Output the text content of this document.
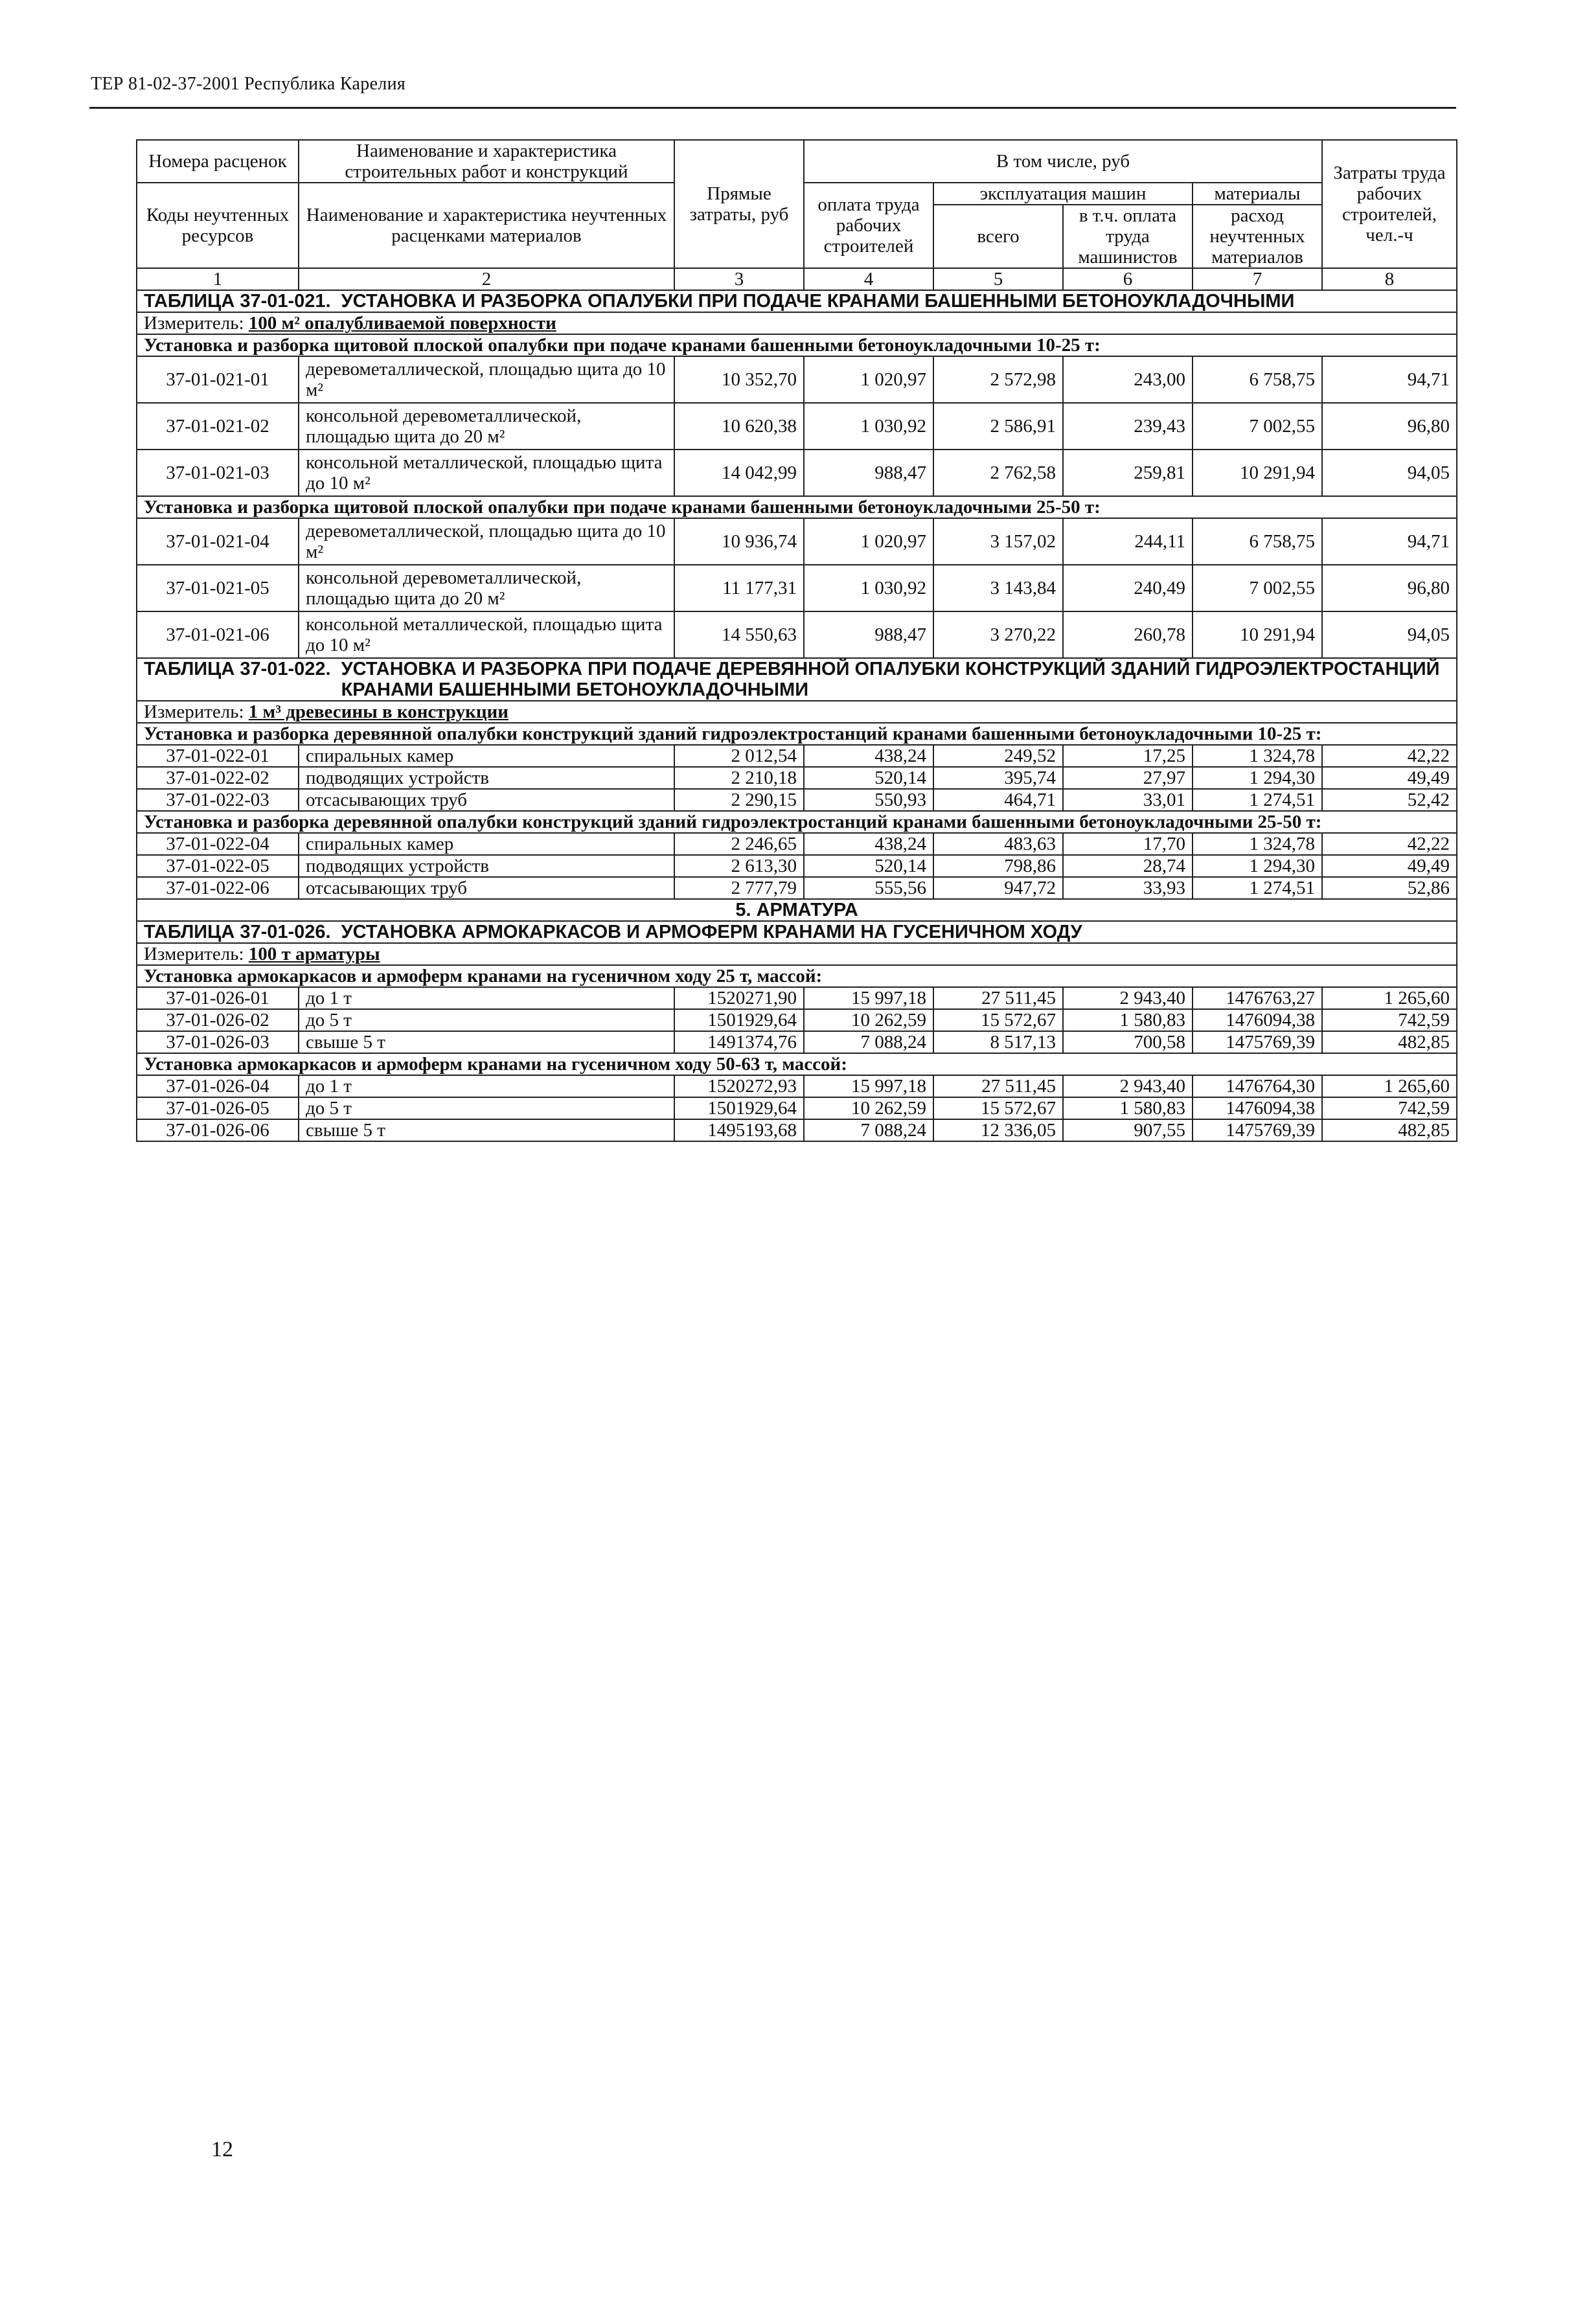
ТЕР 81-02-37-2001 Республика Карелия
Номера расценок	Наименование и характеристика строительных работ и конструкций	Прямые затраты, руб	В том числе, руб				Затраты труда рабочих строителей, чел.-ч
Коды неучтенных ресурсов	Наименование и характеристика неучтенных расценками материалов		оплата труда рабочих строителей	эксплуатация машин		материалы	
				всего	в т.ч. оплата труда машинистов	расход неучтенных материалов	
1	2	3	4	5	6	7	8

ТАБЛИЦА 37-01-021. УСТАНОВКА И РАЗБОРКА ОПАЛУБКИ ПРИ ПОДАЧЕ КРАНАМИ БАШЕННЫМИ БЕТОНОУКЛАДОЧНЫМИ							

Измеритель: 100 м² опалубливаемой поверхности							
Установка и разборка щитовой плоской опалубки при подаче кранами башенными бетоноукладочными 10-25 т:							
37-01-021-01	деревометаллической, площадью щита до 10 м²	10 352,70	1 020,97	2 572,98	243,00	6 758,75	94,71
37-01-021-02	консольной деревометаллической, площадью щита до 20 м²	10 620,38	1 030,92	2 586,91	239,43	7 002,55	96,80
37-01-021-03	консольной металлической, площадью щита до 10 м²	14 042,99	988,47	2 762,58	259,81	10 291,94	94,05
Установка и разборка щитовой плоской опалубки при подаче кранами башенными бетоноукладочными 25-50 т:							
37-01-021-04	деревометаллической, площадью щита до 10 м²	10 936,74	1 020,97	3 157,02	244,11	6 758,75	94,71
37-01-021-05	консольной деревометаллической, площадью щита до 20 м²	11 177,31	1 030,92	3 143,84	240,49	7 002,55	96,80
37-01-021-06	консольной металлической, площадью щита до 10 м²	14 550,63	988,47	3 270,22	260,78	10 291,94	94,05

ТАБЛИЦА 37-01-022. УСТАНОВКА И РАЗБОРКА ПРИ ПОДАЧЕ ДЕРЕВЯННОЙ ОПАЛУБКИ КОНСТРУКЦИЙ ЗДАНИЙ ГИДРОЭЛЕКТРОСТАНЦИЙ КРАНАМИ БАШЕННЫМИ БЕТОНОУКЛАДОЧНЫМИ							

Измеритель: 1 м³ древесины в конструкции							
Установка и разборка деревянной опалубки конструкций зданий гидроэлектростанций кранами башенными бетоноукладочными 10-25 т:							
37-01-022-01	спиральных камер	2 012,54	438,24	249,52	17,25	1 324,78	42,22
37-01-022-02	подводящих устройств	2 210,18	520,14	395,74	27,97	1 294,30	49,49
37-01-022-03	отсасывающих труб	2 290,15	550,93	464,71	33,01	1 274,51	52,42
Установка и разборка деревянной опалубки конструкций зданий гидроэлектростанций кранами башенными бетоноукладочными 25-50 т:							
37-01-022-04	спиральных камер	2 246,65	438,24	483,63	17,70	1 324,78	42,22
37-01-022-05	подводящих устройств	2 613,30	520,14	798,86	28,74	1 294,30	49,49
37-01-022-06	отсасывающих труб	2 777,79	555,56	947,72	33,93	1 274,51	52,86
5. АРМАТУРА							

ТАБЛИЦА 37-01-026. УСТАНОВКА АРМОКАРКАСОВ И АРМОФЕРМ КРАНАМИ НА ГУСЕНИЧНОМ ХОДУ							

Измеритель: 100 т арматуры							
Установка армокаркасов и армоферм кранами на гусеничном ходу 25 т, массой:							
37-01-026-01	до 1 т	1520271,90	15 997,18	27 511,45	2 943,40	1476763,27	1 265,60
37-01-026-02	до 5 т	1501929,64	10 262,59	15 572,67	1 580,83	1476094,38	742,59
37-01-026-03	свыше 5 т	1491374,76	7 088,24	8 517,13	700,58	1475769,39	482,85
Установка армокаркасов и армоферм кранами на гусеничном ходу 50-63 т, массой:							
37-01-026-04	до 1 т	1520272,93	15 997,18	27 511,45	2 943,40	1476764,30	1 265,60
37-01-026-05	до 5 т	1501929,64	10 262,59	15 572,67	1 580,83	1476094,38	742,59
37-01-026-06	свыше 5 т	1495193,68	7 088,24	12 336,05	907,55	1475769,39	482,85
12
